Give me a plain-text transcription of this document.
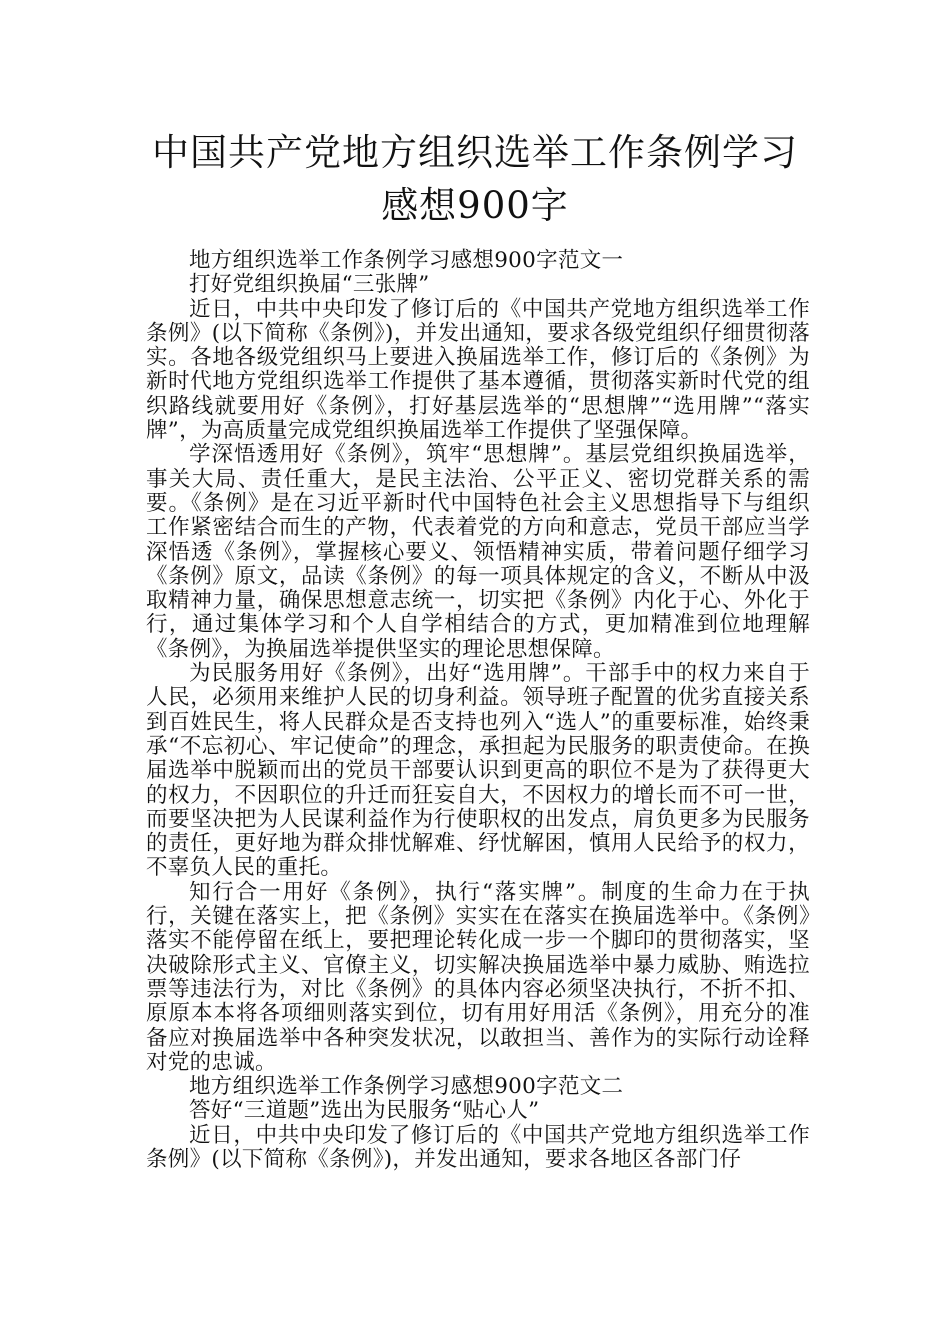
中国共产党地方组织选举工作条例学习感想900字

地方组织选举工作条例学习感想900字范文一

打好党组织换届“三张牌”

近日，中共中央印发了修订后的《中国共产党地方组织选举工作条例》(以下简称《条例》)，并发出通知，要求各级党组织仔细贯彻落实。各地各级党组织马上要进入换届选举工作，修订后的《条例》为新时代地方党组织选举工作提供了基本遵循，贯彻落实新时代党的组织路线就要用好《条例》，打好基层选举的“思想牌”“选用牌”“落实牌”，为高质量完成党组织换届选举工作提供了坚强保障。

学深悟透用好《条例》，筑牢“思想牌”。基层党组织换届选举，事关大局、责任重大，是民主法治、公平正义、密切党群关系的需要。《条例》是在习近平新时代中国特色社会主义思想指导下与组织工作紧密结合而生的产物，代表着党的方向和意志，党员干部应当学深悟透《条例》，掌握核心要义、领悟精神实质，带着问题仔细学习《条例》原文，品读《条例》的每一项具体规定的含义，不断从中汲取精神力量，确保思想意志统一，切实把《条例》内化于心、外化于行，通过集体学习和个人自学相结合的方式，更加精准到位地理解《条例》，为换届选举提供坚实的理论思想保障。

为民服务用好《条例》，出好“选用牌”。干部手中的权力来自于人民，必须用来维护人民的切身利益。领导班子配置的优劣直接关系到百姓民生，将人民群众是否支持也列入“选人”的重要标准，始终秉承“不忘初心、牢记使命”的理念，承担起为民服务的职责使命。在换届选举中脱颖而出的党员干部要认识到更高的职位不是为了获得更大的权力，不因职位的升迁而狂妄自大，不因权力的增长而不可一世，而要坚决把为人民谋利益作为行使职权的出发点，肩负更多为民服务的责任，更好地为群众排忧解难、纾忧解困，慎用人民给予的权力，不辜负人民的重托。

知行合一用好《条例》，执行“落实牌”。制度的生命力在于执行，关键在落实上，把《条例》实实在在落实在换届选举中。《条例》落实不能停留在纸上，要把理论转化成一步一个脚印的贯彻落实，坚决破除形式主义、官僚主义，切实解决换届选举中暴力威胁、贿选拉票等违法行为，对比《条例》的具体内容必须坚决执行，不折不扣、原原本本将各项细则落实到位，切有用好用活《条例》，用充分的准备应对换届选举中各种突发状况，以敢担当、善作为的实际行动诠释对党的忠诚。

地方组织选举工作条例学习感想900字范文二

答好“三道题”选出为民服务“贴心人”

近日，中共中央印发了修订后的《中国共产党地方组织选举工作条例》(以下简称《条例》)，并发出通知，要求各地区各部门仔
